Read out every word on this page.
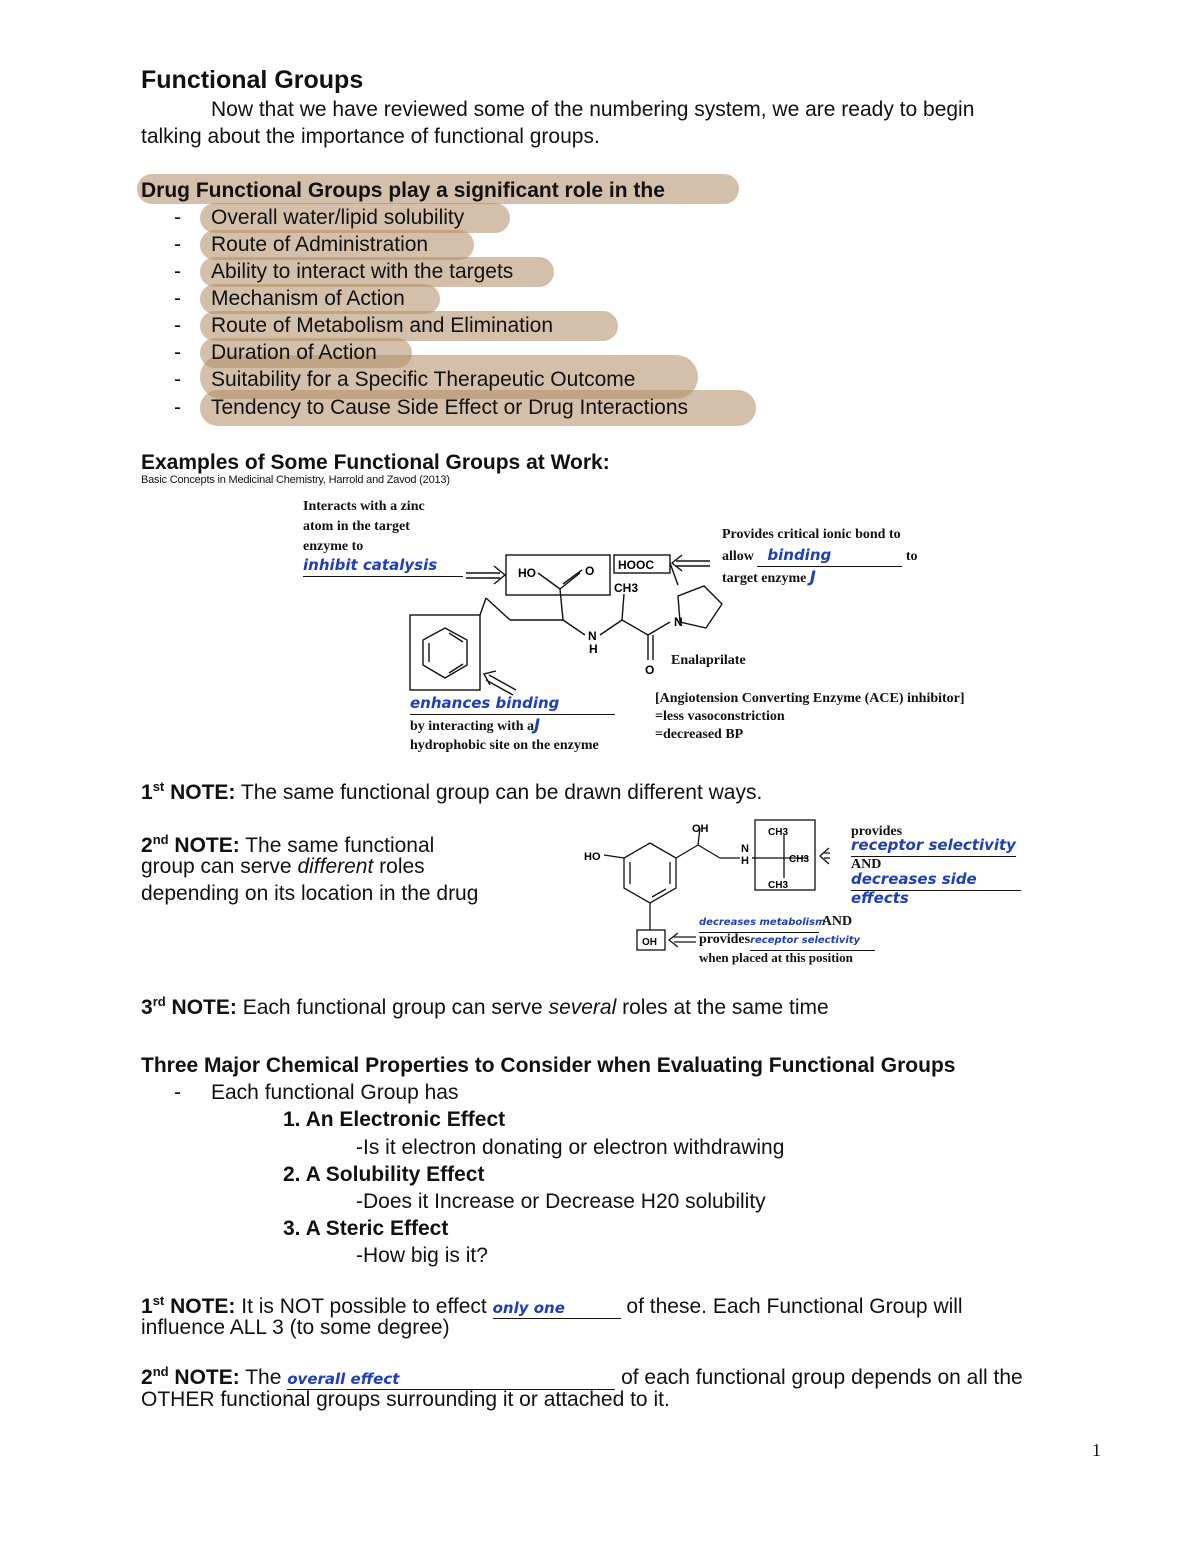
Functional Groups
Now that we have reviewed some of the numbering system, we are ready to begin
talking about the importance of functional groups.
Drug Functional Groups play a significant role in the
- Overall water/lipid solubility
- Route of Administration
- Ability to interact with the targets
- Mechanism of Action
- Route of Metabolism and Elimination
- Duration of Action
- Suitability for a Specific Therapeutic Outcome
- Tendency to Cause Side Effect or Drug Interactions
Examples of Some Functional Groups at Work:
Basic Concepts in Medicinal Chemistry, Harrold and Zavod (2013)
Interacts with a zinc
atom in the target
enzyme to
inhibit catalysis
Provides critical ionic bond to
allow binding	to
target enzyme J
enhances binding
by interacting with aJ
hydrophobic site on the enzyme
Enalaprilate
[Angiotension Converting Enzyme (ACE) inhibitor]
=less vasoconstriction
=decreased BP
HO	O HOOC
CH3
N
N
H
O
1st NOTE: The same functional group can be drawn different ways.
2nd NOTE: The same functional
group can serve different roles
depending on its location in the drug
OH
HO
N
H
CH3
CH3
CH3
OH
provides
receptor selectivity
AND
decreases side effects
decreases metabolism AND
providesreceptor selectivity
when placed at this position
3rd NOTE: Each functional group can serve several roles at the same time
Three Major Chemical Properties to Consider when Evaluating Functional Groups
- Each functional Group has
1. An Electronic Effect
-Is it electron donating or electron withdrawing
2. A Solubility Effect
-Does it Increase or Decrease H20 solubility
3. A Steric Effect
-How big is it?
1st NOTE: It is NOT possible to effect only one	of these. Each Functional Group will
influence ALL 3 (to some degree)
2nd NOTE: The overall effect	of each functional group depends on all the
OTHER functional groups surrounding it or attached to it.
1
